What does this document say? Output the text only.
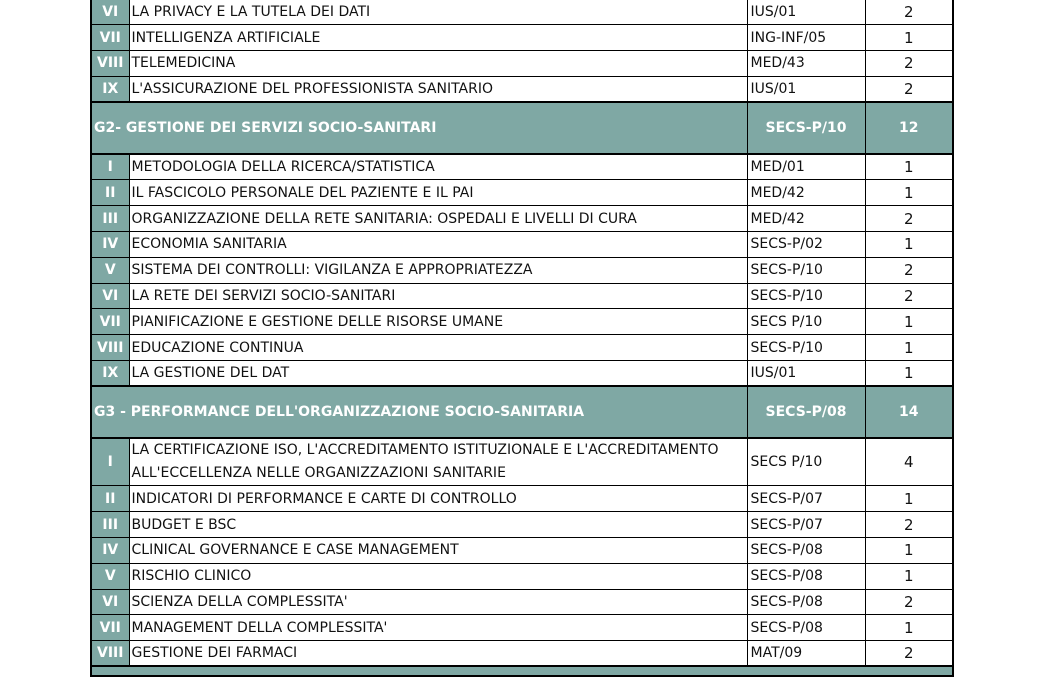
VI	LA PRIVACY E LA TUTELA DEI DATI	IUS/01	2
VII	INTELLIGENZA ARTIFICIALE	ING-INF/05	1
VIII	TELEMEDICINA	MED/43	2
IX	L'ASSICURAZIONE DEL PROFESSIONISTA SANITARIO	IUS/01	2
G2- GESTIONE DEI SERVIZI SOCIO-SANITARI		SECS-P/10	12
I	METODOLOGIA DELLA RICERCA/STATISTICA	MED/01	1
II	IL FASCICOLO PERSONALE DEL PAZIENTE E IL PAI	MED/42	1
III	ORGANIZZAZIONE DELLA RETE SANITARIA: OSPEDALI E LIVELLI DI CURA	MED/42	2
IV	ECONOMIA SANITARIA	SECS-P/02	1
V	SISTEMA DEI CONTROLLI: VIGILANZA E APPROPRIATEZZA	SECS-P/10	2
VI	LA RETE DEI SERVIZI SOCIO-SANITARI	SECS-P/10	2
VII	PIANIFICAZIONE E GESTIONE DELLE RISORSE UMANE	SECS P/10	1
VIII	EDUCAZIONE CONTINUA	SECS-P/10	1
IX	LA GESTIONE DEL DAT	IUS/01	1
G3 - PERFORMANCE DELL'ORGANIZZAZIONE SOCIO-SANITARIA		SECS-P/08	14
I	LA CERTIFICAZIONE ISO, L'ACCREDITAMENTO ISTITUZIONALE E L'ACCREDITAMENTO ALL'ECCELLENZA NELLE ORGANIZZAZIONI SANITARIE	SECS P/10	4
II	INDICATORI DI PERFORMANCE E CARTE DI CONTROLLO	SECS-P/07	1
III	BUDGET E BSC	SECS-P/07	2
IV	CLINICAL GOVERNANCE E CASE MANAGEMENT	SECS-P/08	1
V	RISCHIO CLINICO	SECS-P/08	1
VI	SCIENZA DELLA COMPLESSITA'	SECS-P/08	2
VII	MANAGEMENT DELLA COMPLESSITA'	SECS-P/08	1
VIII	GESTIONE DEI FARMACI	MAT/09	2
